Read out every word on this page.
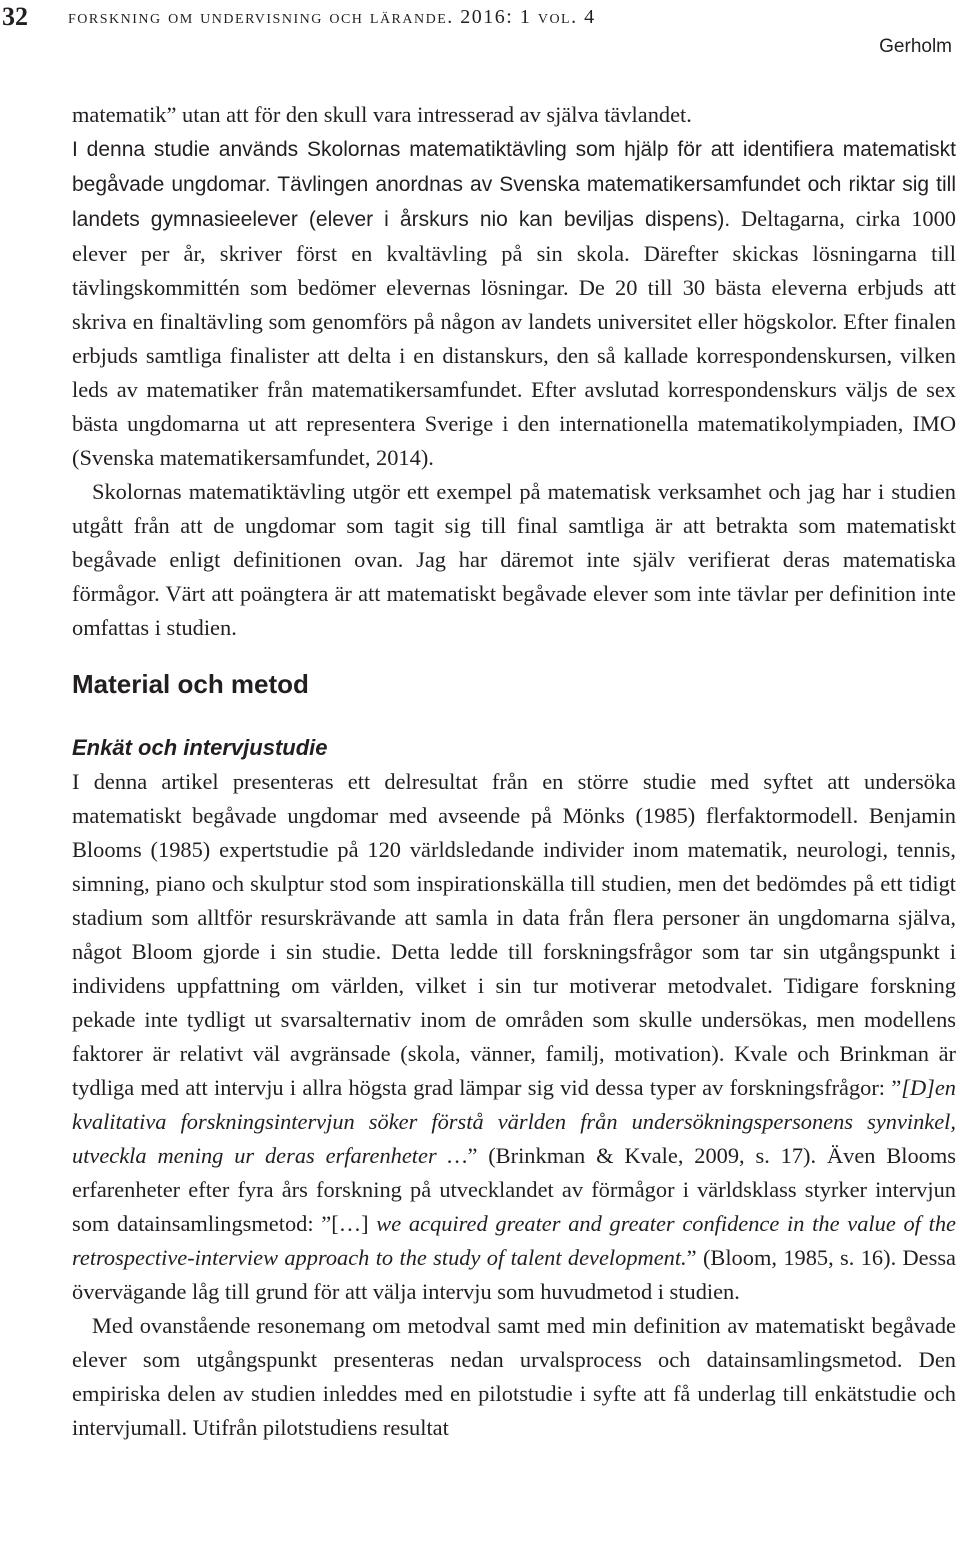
32 forskning om undervisning och lärande. 2016: 1 vol. 4
Gerholm

matematik” utan att för den skull vara intresserad av själva tävlandet.
I denna studie används Skolornas matematiktävling som hjälp för att identifiera matematiskt begåvade ungdomar. Tävlingen anordnas av Svenska matematikersamfundet och riktar sig till landets gymnasieelever (elever i årskurs nio kan beviljas dispens). Deltagarna, cirka 1000 elever per år, skriver först en kvaltävling på sin skola. Därefter skickas lösningarna till tävlingskommittén som bedömer elevernas lösningar. De 20 till 30 bästa eleverna erbjuds att skriva en finaltävling som genomförs på någon av landets universitet eller högskolor. Efter finalen erbjuds samtliga finalister att delta i en distanskurs, den så kallade korrespondenskursen, vilken leds av matematiker från matematikersamfundet. Efter avslutad korrespondenskurs väljs de sex bästa ungdomarna ut att representera Sverige i den internationella matematikolympiaden, IMO (Svenska matematikersamfundet, 2014).

Skolornas matematiktävling utgör ett exempel på matematisk verksamhet och jag har i studien utgått från att de ungdomar som tagit sig till final samtliga är att betrakta som matematiskt begåvade enligt definitionen ovan. Jag har däremot inte själv verifierat deras matematiska förmågor. Värt att poängtera är att matematiskt begåvade elever som inte tävlar per definition inte omfattas i studien.

Material och metod
Enkät och intervjustudie

I denna artikel presenteras ett delresultat från en större studie med syftet att undersöka matematiskt begåvade ungdomar med avseende på Mönks (1985) flerfaktormodell. Benjamin Blooms (1985) expertstudie på 120 världsledande individer inom matematik, neurologi, tennis, simning, piano och skulptur stod som inspirationskälla till studien, men det bedömdes på ett tidigt stadium som alltför resurskrävande att samla in data från flera personer än ungdomarna själva, något Bloom gjorde i sin studie. Detta ledde till forskningsfrågor som tar sin utgångspunkt i individens uppfattning om världen, vilket i sin tur motiverar metodvalet. Tidigare forskning pekade inte tydligt ut svarsalternativ inom de områden som skulle undersökas, men modellens faktorer är relativt väl avgränsade (skola, vänner, familj, motivation). Kvale och Brinkman är tydliga med att intervju i allra högsta grad lämpar sig vid dessa typer av forskningsfrågor: ”[D]en kvalitativa forskningsintervjun söker förstå världen från undersökningspersonens synvinkel, utveckla mening ur deras erfarenheter …” (Brinkman & Kvale, 2009, s. 17). Även Blooms erfarenheter efter fyra års forskning på utvecklandet av förmågor i världsklass styrker intervjun som datainsamlingsmetod: ”[…] we acquired greater and greater confidence in the value of the retrospective-interview approach to the study of talent development.” (Bloom, 1985, s. 16). Dessa övervägande låg till grund för att välja intervju som huvudmetod i studien.

Med ovanstående resonemang om metodval samt med min definition av matematiskt begåvade elever som utgångspunkt presenteras nedan urvalsprocess och datainsamlingsmetod. Den empiriska delen av studien inleddes med en pilotstudie i syfte att få underlag till enkätstudie och intervjumall. Utifrån pilotstudiens resultat
